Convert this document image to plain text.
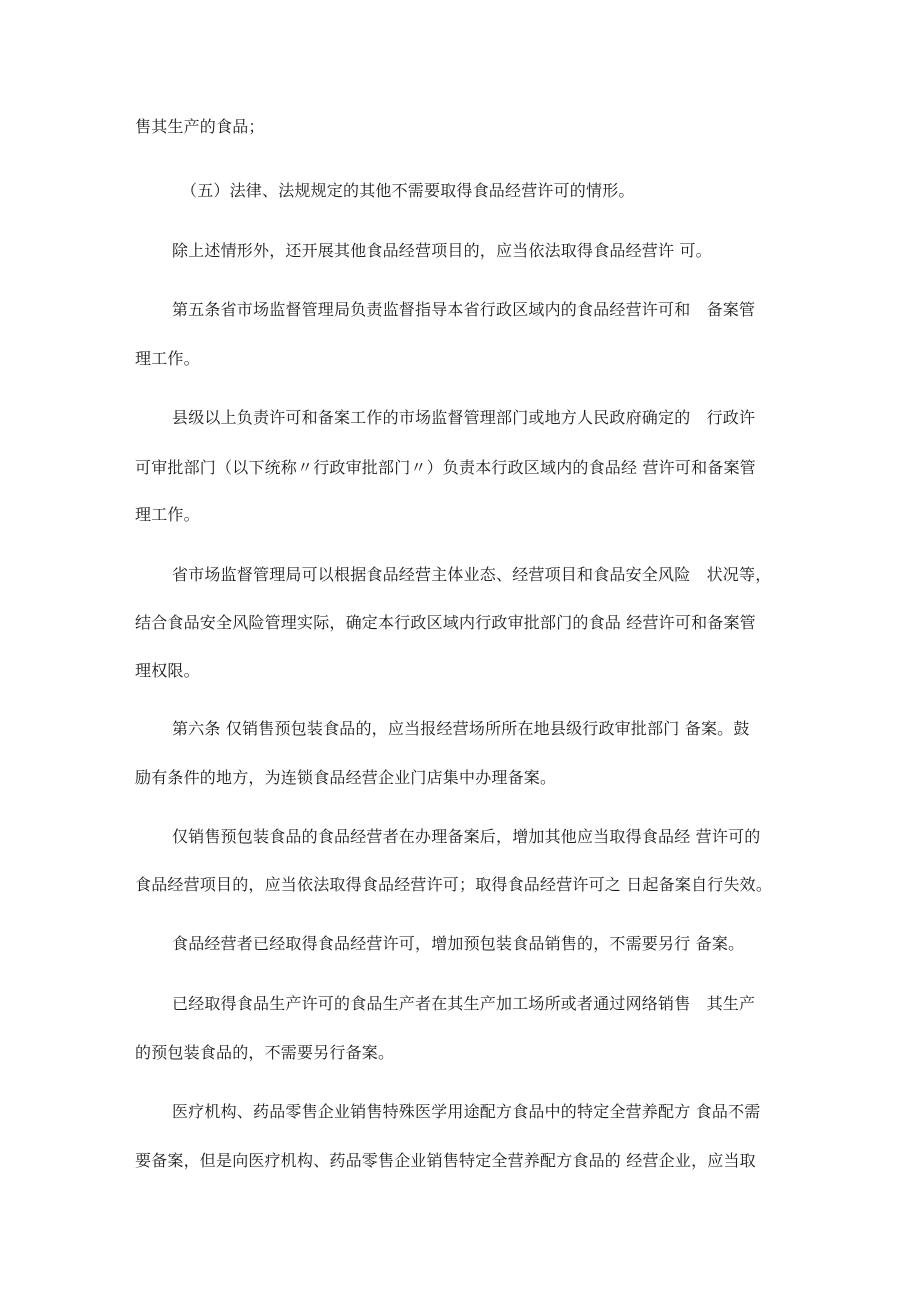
售其生产的食品；
（五）法律、法规规定的其他不需要取得食品经营许可的情形。
除上述情形外，还开展其他食品经营项目的，应当依法取得食品经营许 可。
第五条省市场监督管理局负责监督指导本省行政区域内的食品经营许可和　备案管
理工作。
县级以上负责许可和备案工作的市场监督管理部门或地方人民政府确定的　行政许
可审批部门（以下统称〃行政审批部门〃）负责本行政区域内的食品经 营许可和备案管
理工作。
省市场监督管理局可以根据食品经营主体业态、经营项目和食品安全风险　状况等，
结合食品安全风险管理实际，确定本行政区域内行政审批部门的食品 经营许可和备案管
理权限。
第六条 仅销售预包装食品的，应当报经营场所所在地县级行政审批部门 备案。鼓
励有条件的地方，为连锁食品经营企业门店集中办理备案。
仅销售预包装食品的食品经营者在办理备案后，增加其他应当取得食品经 营许可的
食品经营项目的，应当依法取得食品经营许可；取得食品经营许可之 日起备案自行失效。
食品经营者已经取得食品经营许可，增加预包装食品销售的，不需要另行 备案。
已经取得食品生产许可的食品生产者在其生产加工场所或者通过网络销售　其生产
的预包装食品的，不需要另行备案。
医疗机构、药品零售企业销售特殊医学用途配方食品中的特定全营养配方 食品不需
要备案，但是向医疗机构、药品零售企业销售特定全营养配方食品的 经营企业，应当取
